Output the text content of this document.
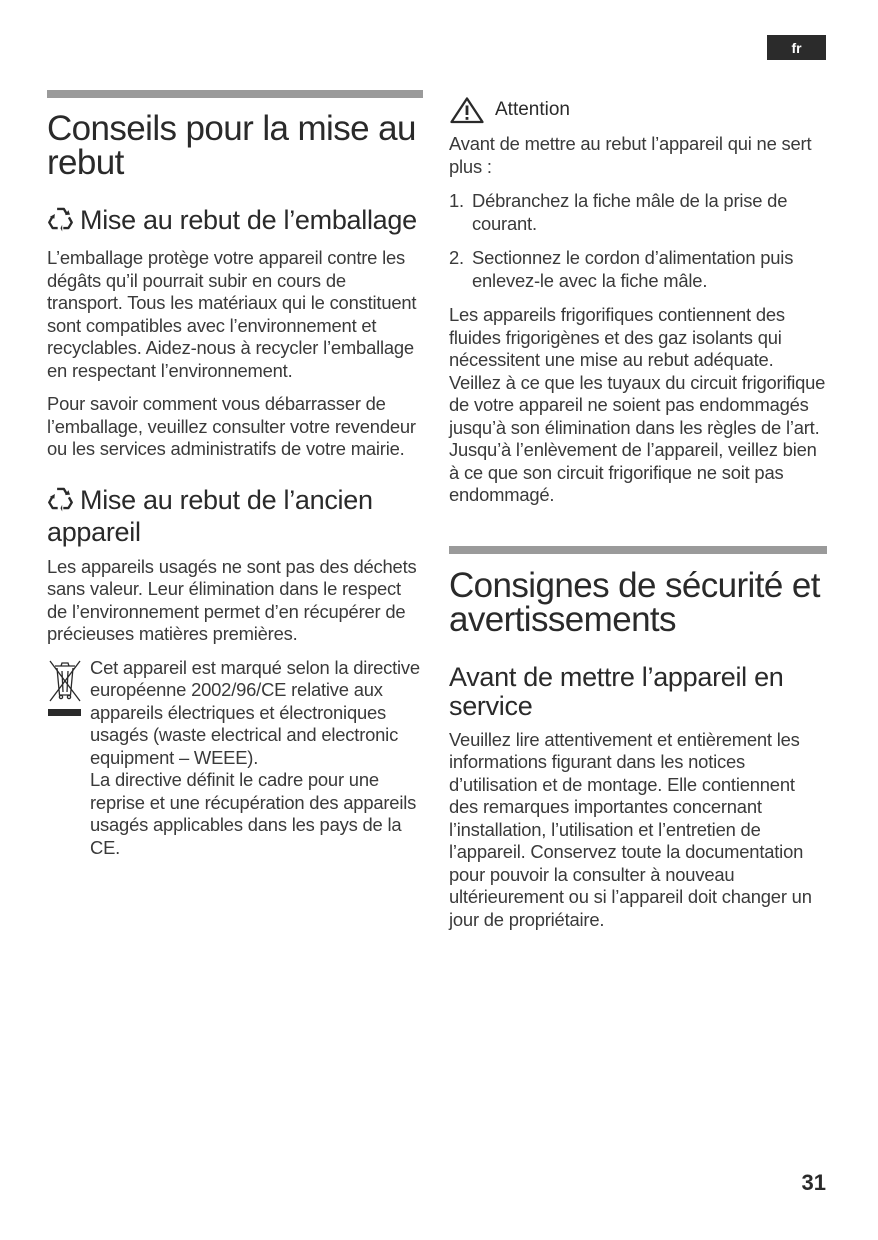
fr
Conseils pour la mise au rebut
Mise au rebut de l’emballage

L’emballage protège votre appareil contre les dégâts qu’il pourrait subir en cours de transport. Tous les matériaux qui le constituent sont compatibles avec l’environnement et recyclables. Aidez-nous à recycler l’emballage en respectant l’environnement.

Pour savoir comment vous débarrasser de l’emballage, veuillez consulter votre revendeur ou les services administratifs de votre mairie.

Mise au rebut de l’ancien appareil

Les appareils usagés ne sont pas des déchets sans valeur. Leur élimination dans le respect de l’environnement permet d’en récupérer de précieuses matières premières.

Cet appareil est marqué selon la directive européenne 2002/96/CE relative aux appareils électriques et électroniques usagés (waste electrical and electronic equipment – WEEE).

La directive définit le cadre pour une reprise et une récupération des appareils usagés applicables dans les pays de la CE.

Attention

Avant de mettre au rebut l’appareil qui ne sert plus :

1. Débranchez la fiche mâle de la prise de courant.
2. Sectionnez le cordon d’alimentation puis enlevez-le avec la fiche mâle.

Les appareils frigorifiques contiennent des fluides frigorigènes et des gaz isolants qui nécessitent une mise au rebut adéquate. Veillez à ce que les tuyaux du circuit frigorifique de votre appareil ne soient pas endommagés jusqu’à son élimination dans les règles de l’art. Jusqu’à l’enlèvement de l’appareil, veillez bien à ce que son circuit frigorifique ne soit pas endommagé.

Consignes de sécurité et avertissements
Avant de mettre l’appareil en service

Veuillez lire attentivement et entièrement les informations figurant dans les notices d’utilisation et de montage. Elle contiennent des remarques importantes concernant l’installation, l’utilisation et l’entretien de l’appareil. Conservez toute la documentation pour pouvoir la consulter à nouveau ultérieurement ou si l’appareil doit changer un jour de propriétaire.

31
